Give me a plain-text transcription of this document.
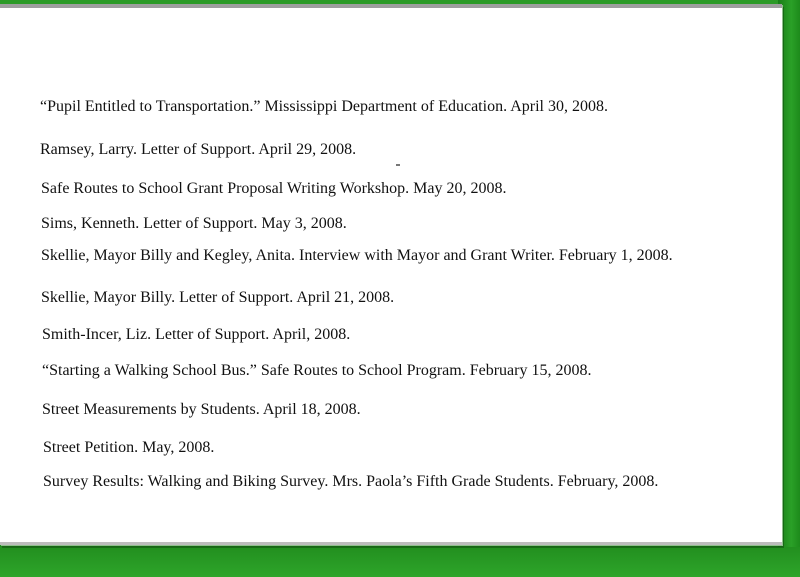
“Pupil Entitled to Transportation.” Mississippi Department of Education. April 30, 2008.
Ramsey, Larry. Letter of Support. April 29, 2008.
Safe Routes to School Grant Proposal Writing Workshop. May 20, 2008.
Sims, Kenneth. Letter of Support. May 3, 2008.
Skellie, Mayor Billy and Kegley, Anita. Interview with Mayor and Grant Writer. February 1, 2008.
Skellie, Mayor Billy. Letter of Support. April 21, 2008.
Smith-Incer, Liz. Letter of Support. April, 2008.
“Starting a Walking School Bus.” Safe Routes to School Program. February 15, 2008.
Street Measurements by Students. April 18, 2008.
Street Petition. May, 2008.
Survey Results: Walking and Biking Survey. Mrs. Paola’s Fifth Grade Students. February, 2008.
